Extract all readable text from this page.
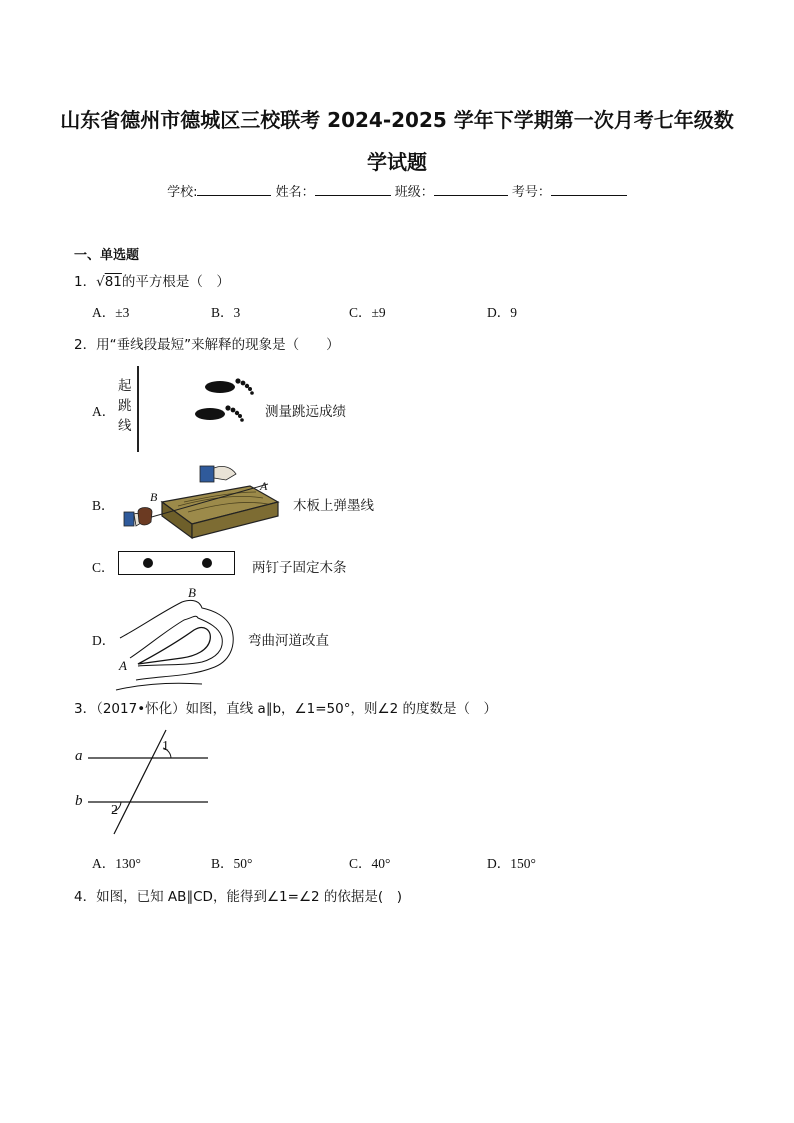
山东省德州市德城区三校联考 2024-2025 学年下学期第一次月考七年级数
学试题
学校:	姓名：	班级：	考号：
一、单选题
1．√81的平方根是（　）
A．±3	B．3	C．±9	D．9
2．用“垂线段最短”来解释的现象是（　　）
A．
起
跳
线
测量跳远成绩
B．
B
A
木板上弹墨线
C．	两钉子固定木条
D．
B
A
弯曲河道改直
3．（2017•怀化）如图，直线 a∥b，∠1=50°，则∠2 的度数是（　）
a
b
1
2
A．130°	B．50°	C．40°	D．150°
4．如图，已知 AB∥CD，能得到∠1=∠2 的依据是(　)
